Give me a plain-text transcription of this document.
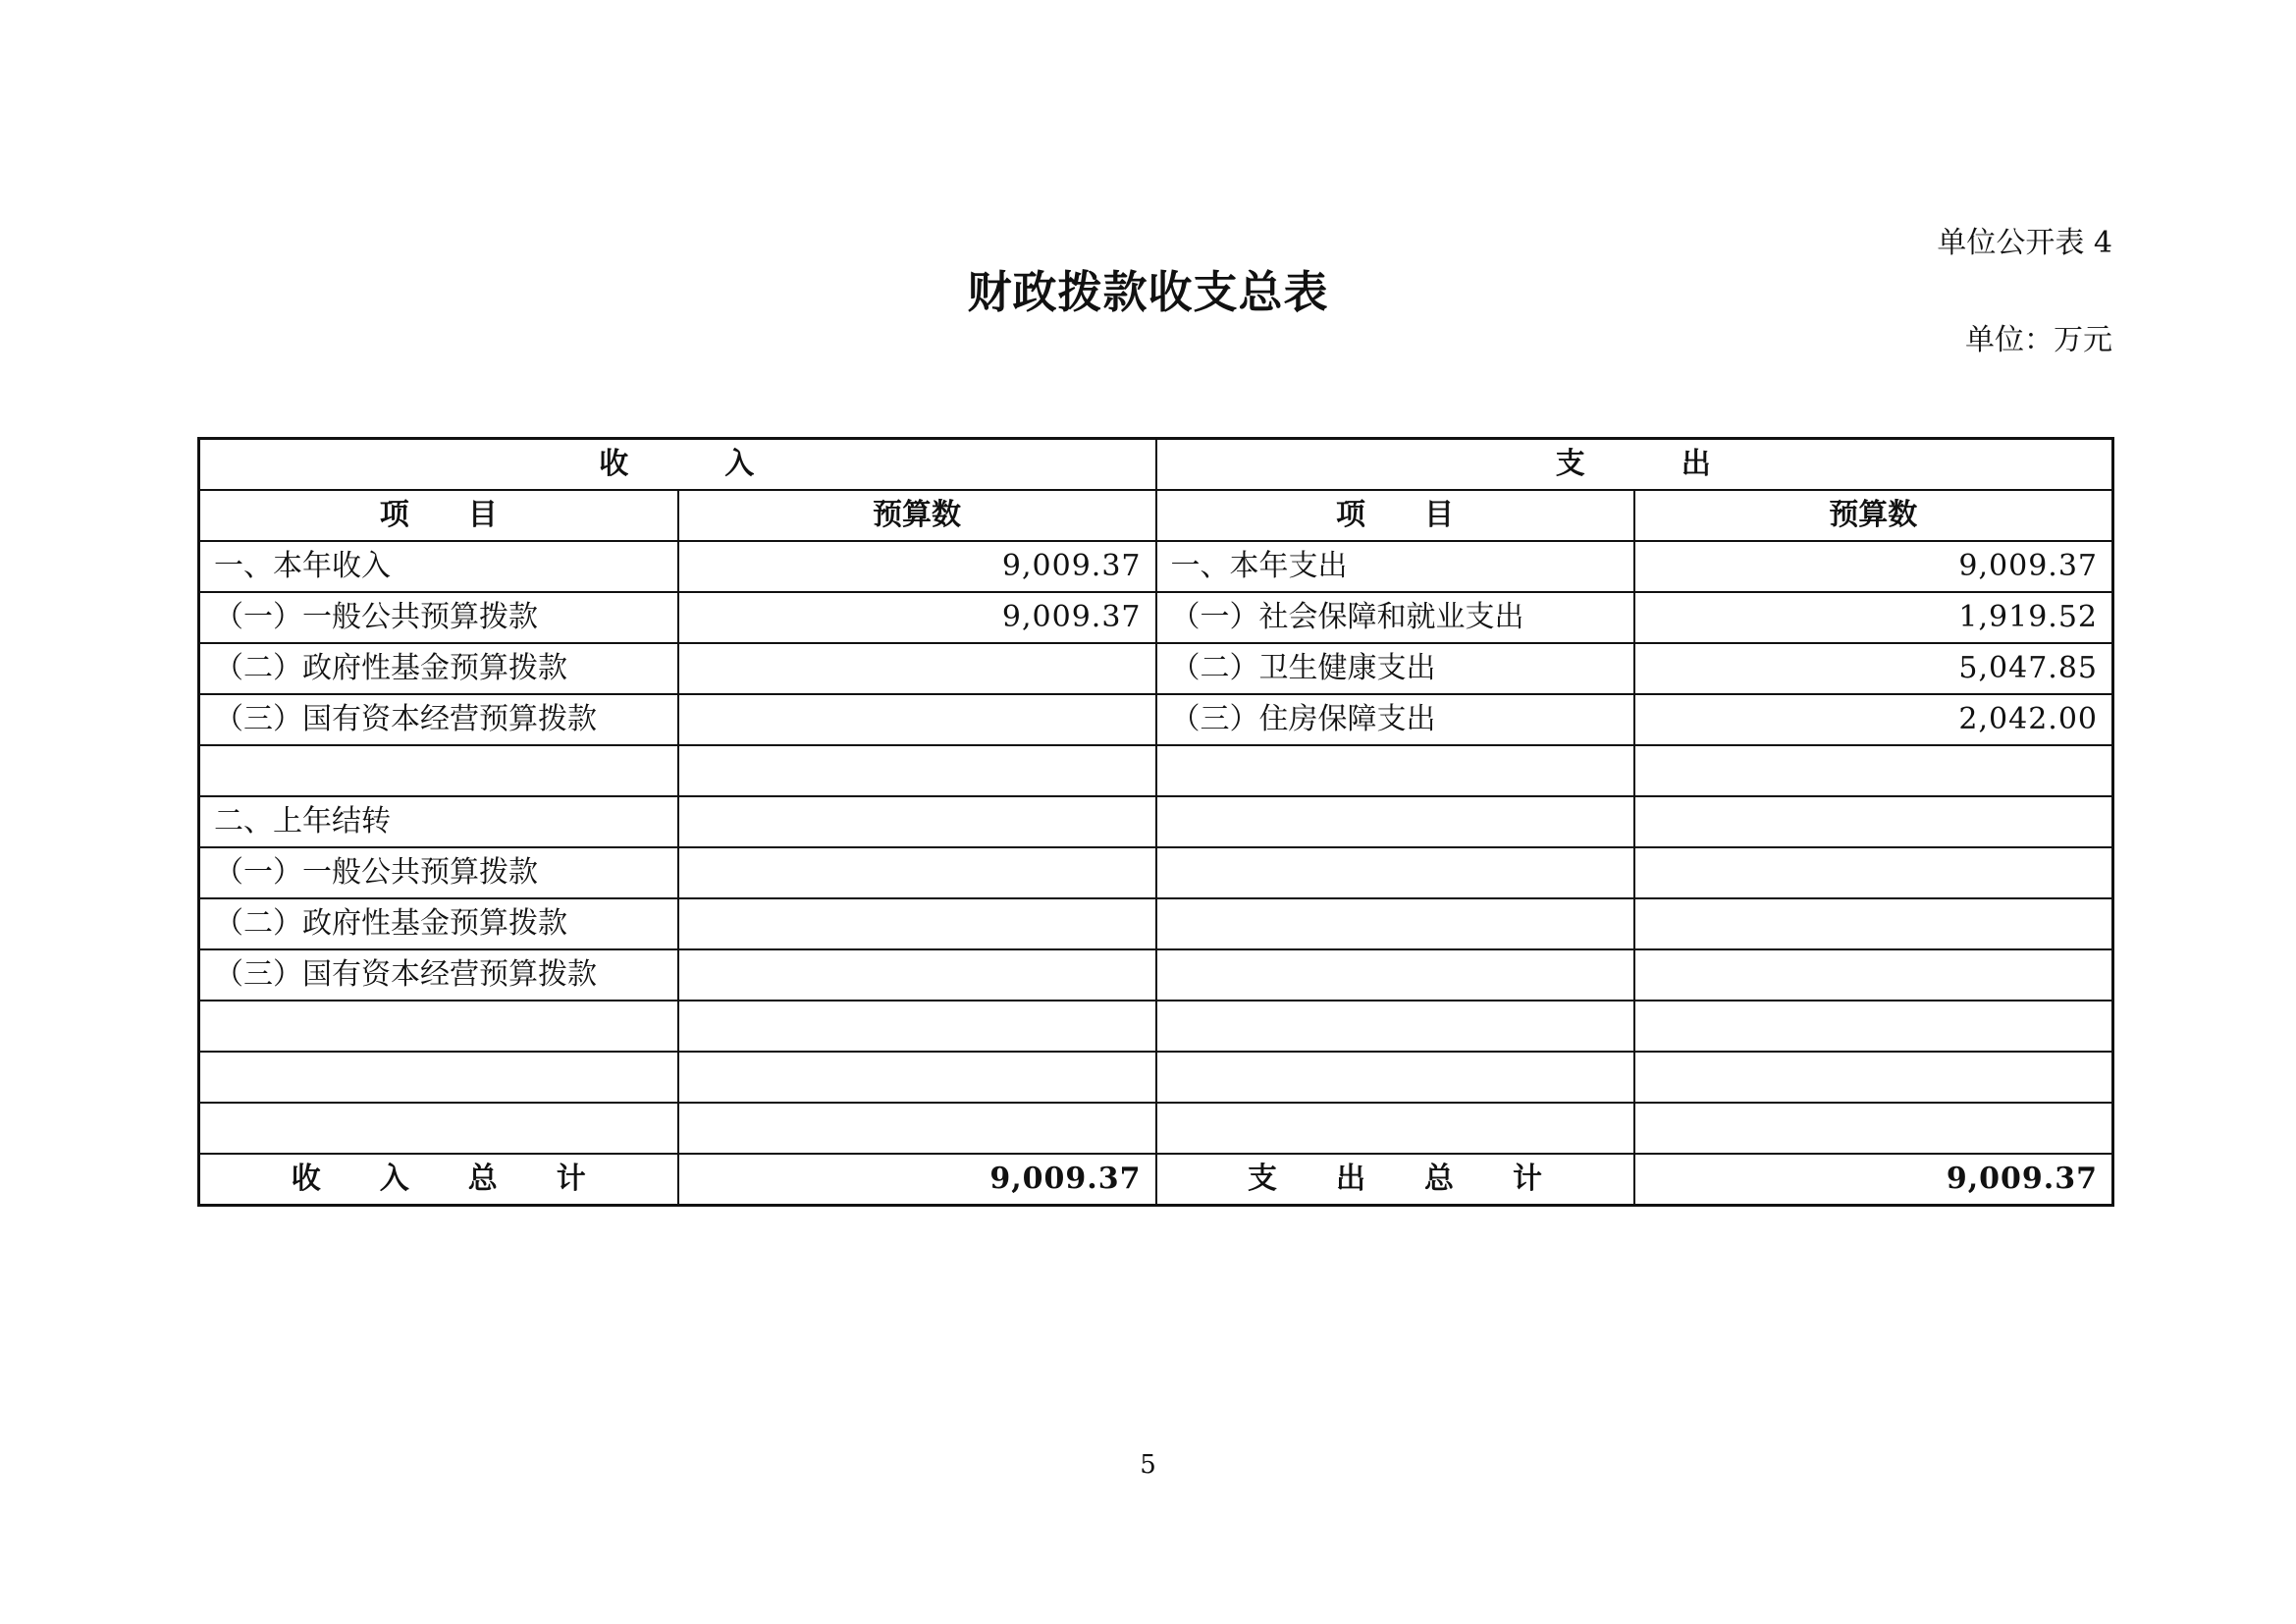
单位公开表 4
财政拨款收支总表
单位：万元
收　　　入		支　　　出	
项　　目	预算数	项　　目	预算数
一、本年收入	9,009.37	一、本年支出	9,009.37
（一）一般公共预算拨款	9,009.37	（一）社会保障和就业支出	1,919.52
（二）政府性基金预算拨款		（二）卫生健康支出	5,047.85
（三）国有资本经营预算拨款		（三）住房保障支出	2,042.00

二、上年结转			
（一）一般公共预算拨款			
（二）政府性基金预算拨款			
（三）国有资本经营预算拨款			

收　　入　　总　　计	9,009.37	支　　出　　总　　计	9,009.37
5
